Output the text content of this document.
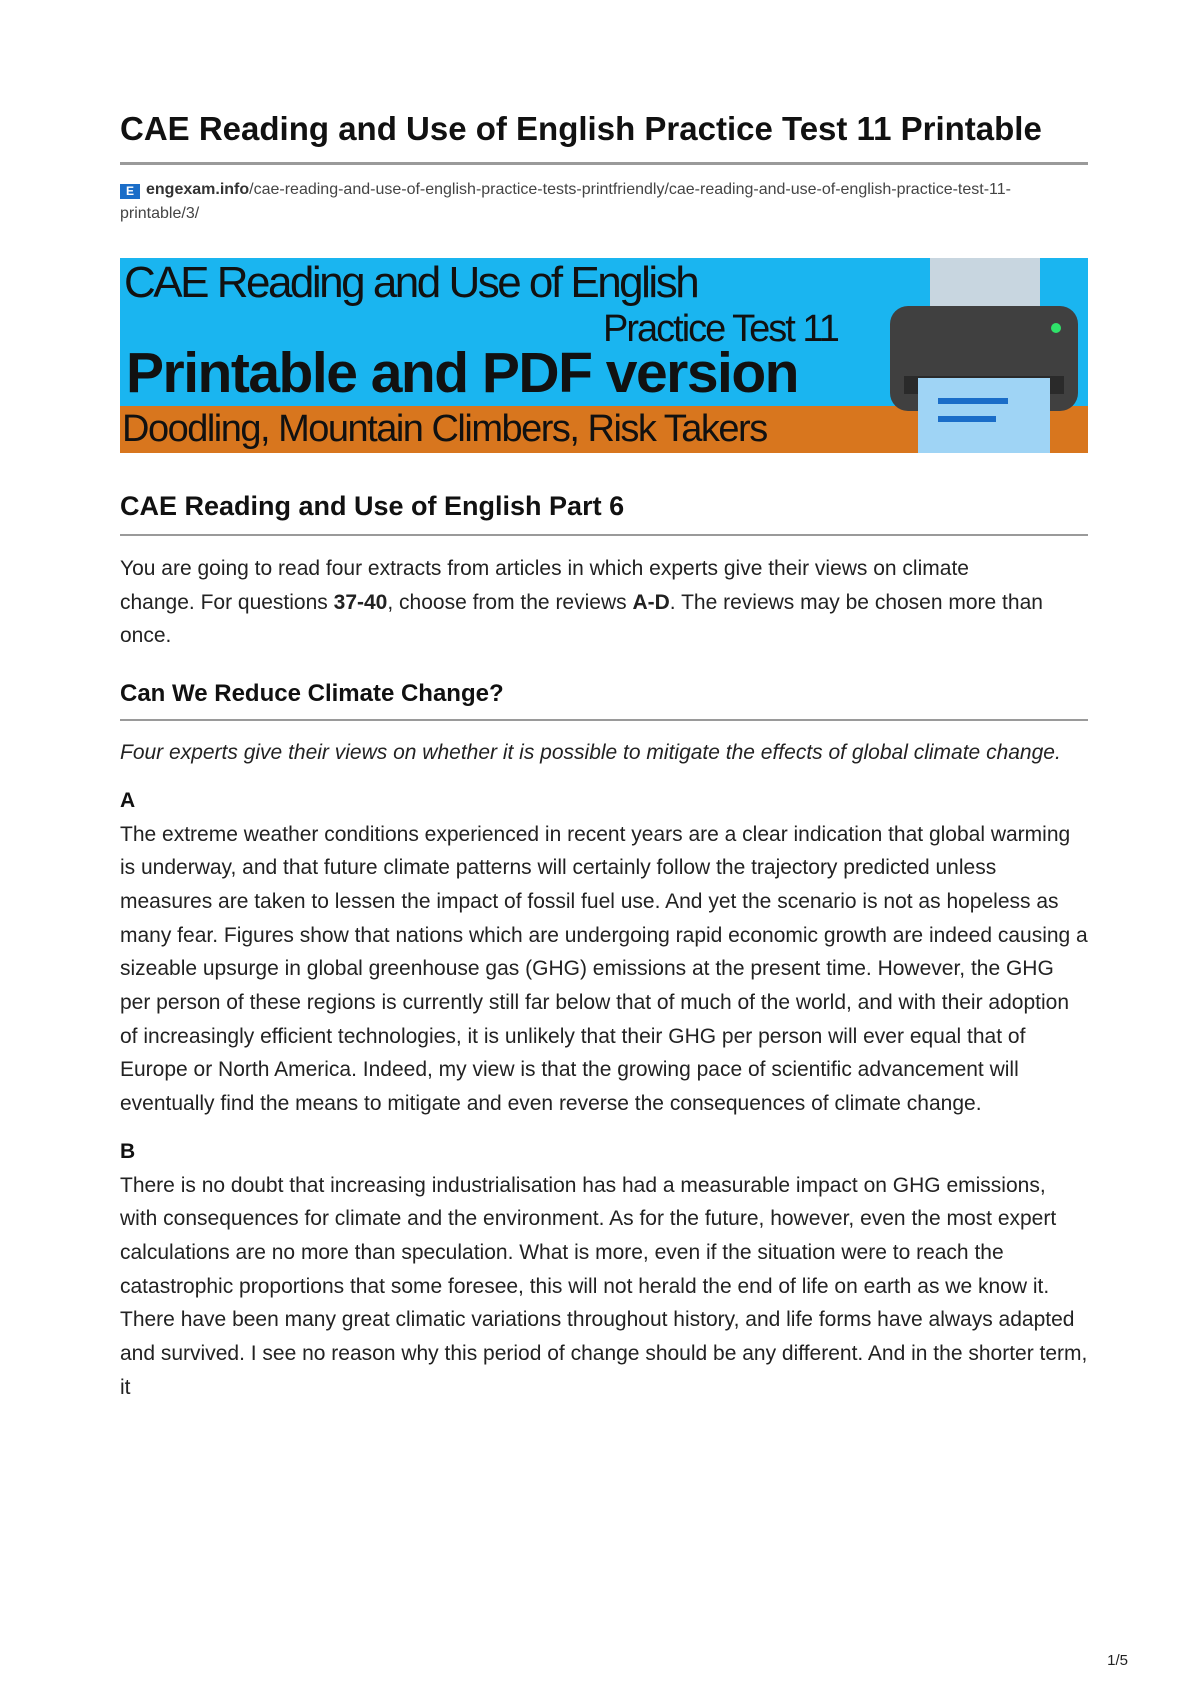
CAE Reading and Use of English Practice Test 11 Printable
E engexam.info/cae-reading-and-use-of-english-practice-tests-printfriendly/cae-reading-and-use-of-english-practice-test-11-printable/3/
CAE Reading and Use of English
Practice Test 11
Printable and PDF version
Doodling, Mountain Climbers, Risk Takers
CAE Reading and Use of English Part 6

You are going to read four extracts from articles in which experts give their views on climate

change. For questions 37-40, choose from the reviews A-D. The reviews may be chosen more than once.

Can We Reduce Climate Change?

Four experts give their views on whether it is possible to mitigate the effects of global climate change.

A

The extreme weather conditions experienced in recent years are a clear indication that global warming is underway, and that future climate patterns will certainly follow the trajectory predicted unless measures are taken to lessen the impact of fossil fuel use. And yet the scenario is not as hopeless as many fear. Figures show that nations which are undergoing rapid economic growth are indeed causing a sizeable upsurge in global greenhouse gas (GHG) emissions at the present time. However, the GHG per person of these regions is currently still far below that of much of the world, and with their adoption of increasingly efficient technologies, it is unlikely that their GHG per person will ever equal that of Europe or North America. Indeed, my view is that the growing pace of scientific advancement will eventually find the means to mitigate and even reverse the consequences of climate change.

B

There is no doubt that increasing industrialisation has had a measurable impact on GHG emissions, with consequences for climate and the environment. As for the future, however, even the most expert calculations are no more than speculation. What is more, even if the situation were to reach the catastrophic proportions that some foresee, this will not herald the end of life on earth as we know it. There have been many great climatic variations throughout history, and life forms have always adapted and survived. I see no reason why this period of change should be any different. And in the shorter term, it

1/5
